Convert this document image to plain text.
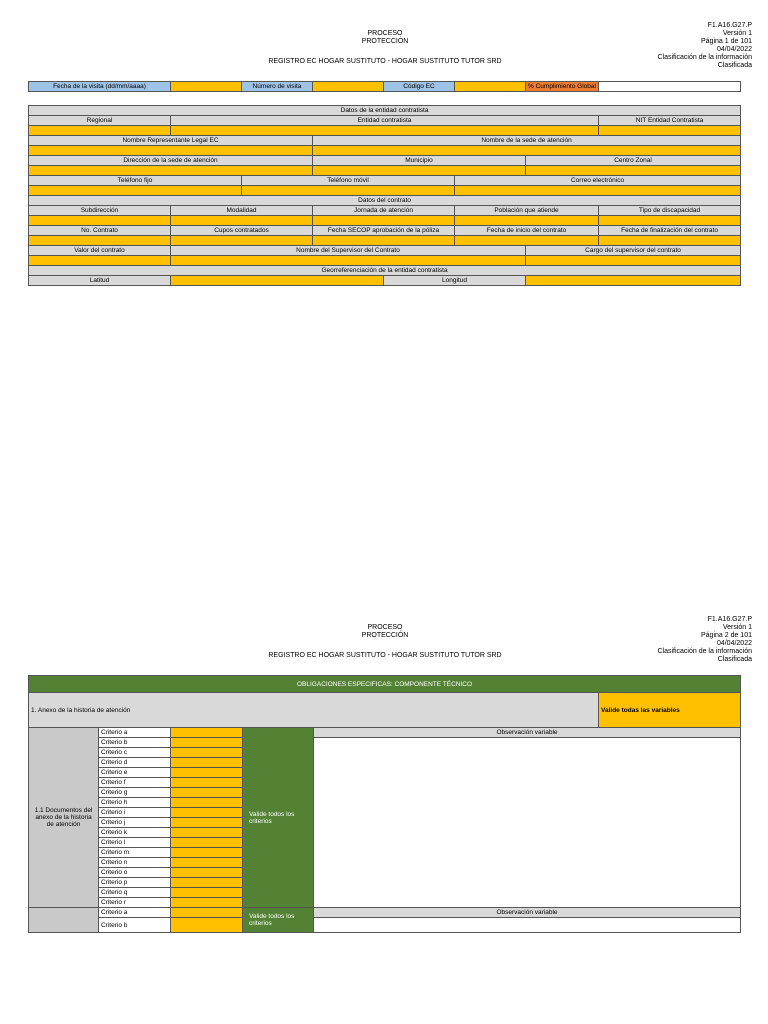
PROCESO
PROTECCIÓN
REGISTRO EC HOGAR SUSTITUTO - HOGAR SUSTITUTO TUTOR SRD
F1.A16.G27.P
Versión 1
Página 1 de 101
04/04/2022
Clasificación de la información
Clasificada
Fecha de la visita (dd/mm/aaaa)		Número de visita		Código EC		% Cumplimiento Global	
Datos de la entidad contratista							
Regional	Entidad contratista						NIT Entidad Contratista

Nombre Representante Legal EC			Nombre de la sede de atención				

Dirección de la sede de atención			Municipio			Centro Zonal	

Teléfono fijo		Teléfono móvil			Correo electrónico		

Datos del contrato							
Subdirección	Modalidad		Jornada de atención		Población que atiende		Tipo de discapacidad

No. Contrato	Cupos contratados		Fecha SECOP aprobación de la póliza		Fecha de inicio del contrato		Fecha de finalización del contrato

Valor del contrato	Nombre del Supervisor del Contrato					Cargo del supervisor del contrato	

Georreferenciación de la entidad contratista							
Latitud				Longitud			
PROCESO
PROTECCIÓN
REGISTRO EC HOGAR SUSTITUTO - HOGAR SUSTITUTO TUTOR SRD
F1.A16.G27.P
Versión 1
Página 2 de 101
04/04/2022
Clasificación de la información
Clasificada
OBLIGACIONES ESPECIFICAS: COMPONENTE TÉCNICO					
1. Anexo de la historia de atención					Valide todas las variables
1.1 Documentos del anexo de la historia de atención	Criterio a		Valide todos los criterios	Observación variable	
	Criterio b				
	Criterio c				
	Criterio d				
	Criterio e				
	Criterio f				
	Criterio g				
	Criterio h				
	Criterio i				
	Criterio j				
	Criterio k				
	Criterio l				
	Criterio m				
	Criterio n				
	Criterio o				
	Criterio p				
	Criterio q				
	Criterio r				
	Criterio a		Valide todos los criterios	Observación variable	
	Criterio b				
